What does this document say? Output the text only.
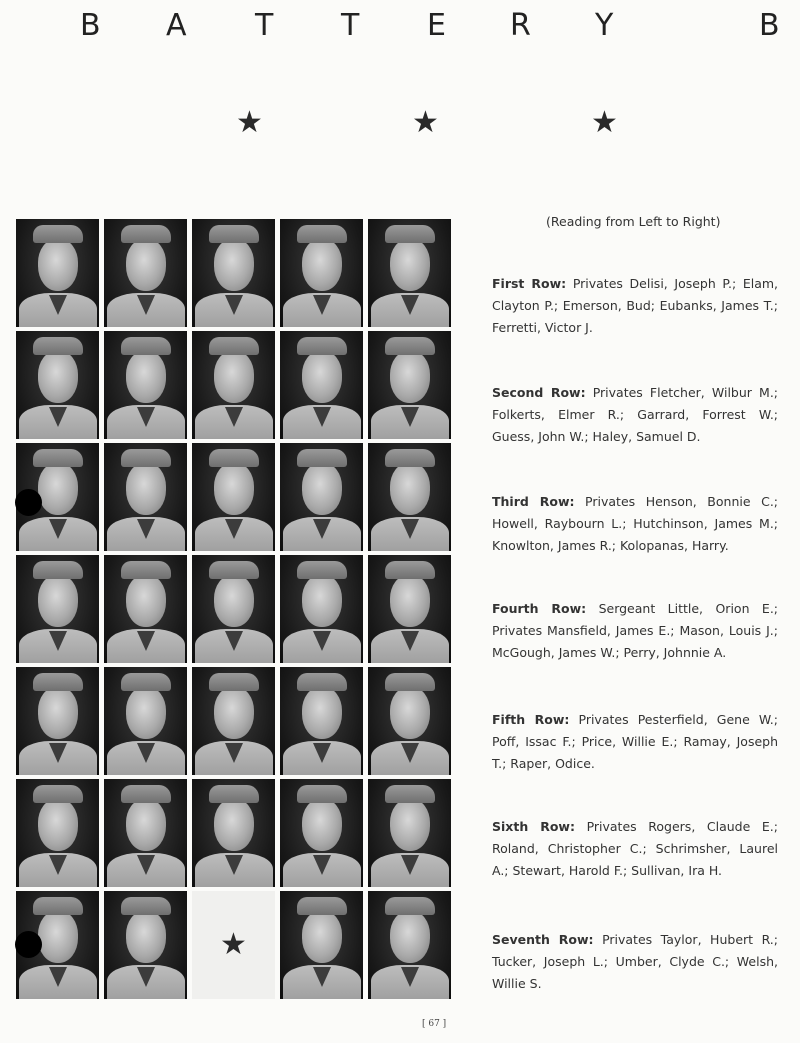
B A T T E R Y	B
★	★	★
★
(Reading from Left to Right)
First Row: Privates Delisi, Joseph P.; Elam, Clayton P.; Emerson, Bud; Eubanks, James T.; Ferretti, Victor J.
Second Row: Privates Fletcher, Wilbur M.; Folkerts, Elmer R.; Garrard, Forrest W.; Guess, John W.; Haley, Samuel D.
Third Row: Privates Henson, Bonnie C.; Howell, Raybourn L.; Hutchinson, James M.; Knowlton, James R.; Kolopanas, Harry.
Fourth Row: Sergeant Little, Orion E.; Privates Mansfield, James E.; Mason, Louis J.; McGough, James W.; Perry, Johnnie A.
Fifth Row: Privates Pesterfield, Gene W.; Poff, Issac F.; Price, Willie E.; Ramay, Joseph T.; Raper, Odice.
Sixth Row: Privates Rogers, Claude E.; Roland, Christopher C.; Schrimsher, Laurel A.; Stewart, Harold F.; Sullivan, Ira H.
Seventh Row: Privates Taylor, Hubert R.; Tucker, Joseph L.; Umber, Clyde C.; Welsh, Willie S.
[ 67 ]
